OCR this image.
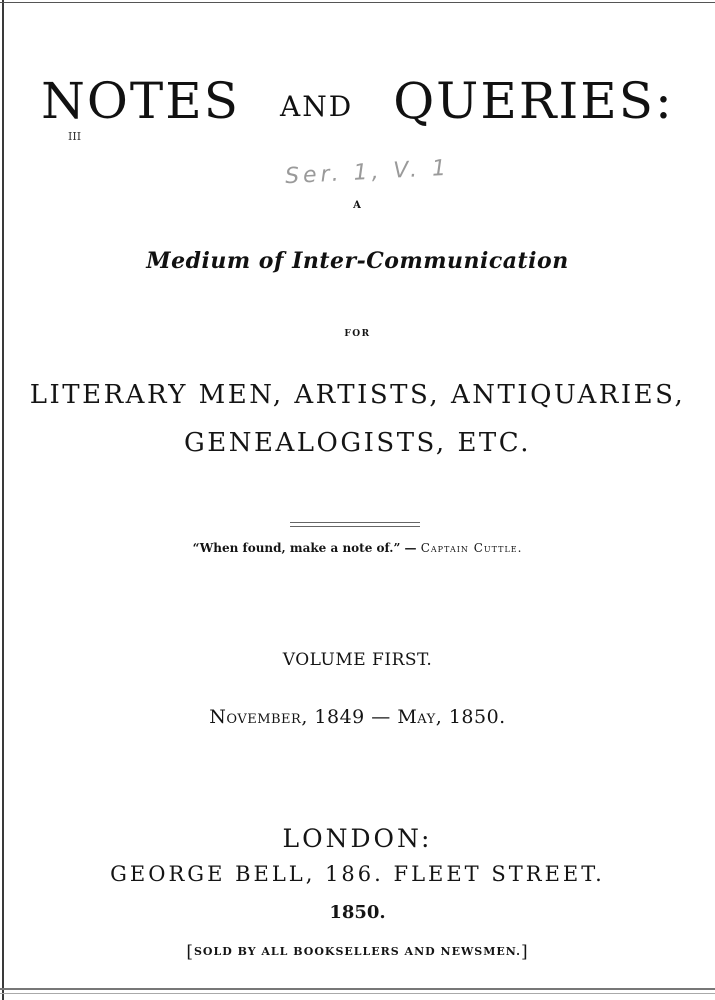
NOTES AND QUERIES:
III
Ser. 1, V. 1
A
Medium of Inter-Communication
FOR
LITERARY MEN, ARTISTS, ANTIQUARIES,
GENEALOGISTS, ETC.
“When found, make a note of.” — Captain Cuttle.
VOLUME FIRST.
November, 1849 — May, 1850.
LONDON:
GEORGE BELL, 186. FLEET STREET.
1850.
[SOLD BY ALL BOOKSELLERS AND NEWSMEN.]
